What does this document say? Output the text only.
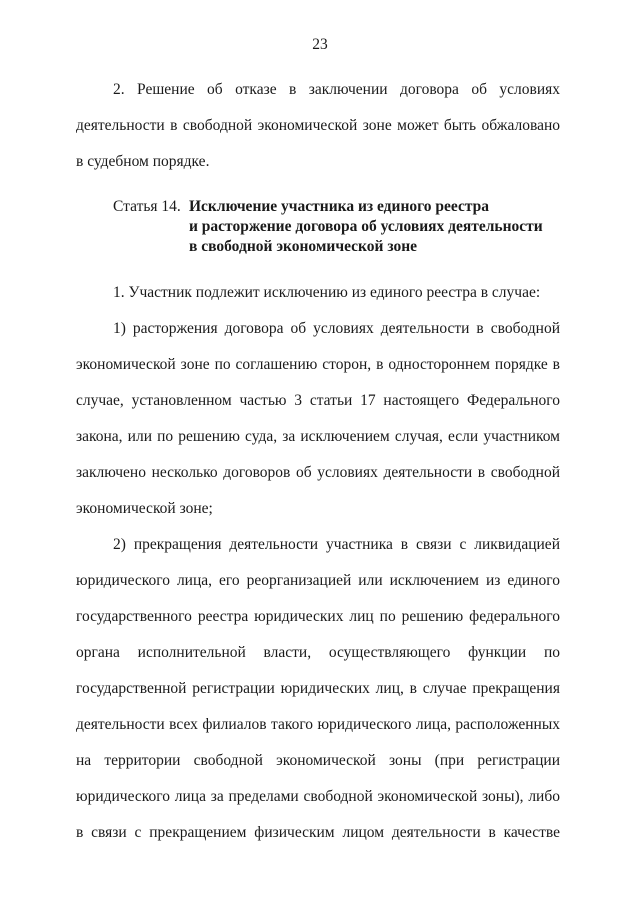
23

2. Решение об отказе в заключении договора об условиях деятельности в свободной экономической зоне может быть обжаловано в судебном порядке.

Статья 14. Исключение участника из единого реестра
и расторжение договора об условиях деятельности
в свободной экономической зоне

1. Участник подлежит исключению из единого реестра в случае:

1) расторжения договора об условиях деятельности в свободной экономической зоне по соглашению сторон, в одностороннем порядке в случае, установленном частью 3 статьи 17 настоящего Федерального закона, или по решению суда, за исключением случая, если участником заключено несколько договоров об условиях деятельности в свободной экономической зоне;

2) прекращения деятельности участника в связи с ликвидацией юридического лица, его реорганизацией или исключением из единого государственного реестра юридических лиц по решению федерального органа исполнительной власти, осуществляющего функции по государственной регистрации юридических лиц, в случае прекращения деятельности всех филиалов такого юридического лица, расположенных на территории свободной экономической зоны (при регистрации юридического лица за пределами свободной экономической зоны), либо в связи с прекращением физическим лицом деятельности в качестве
